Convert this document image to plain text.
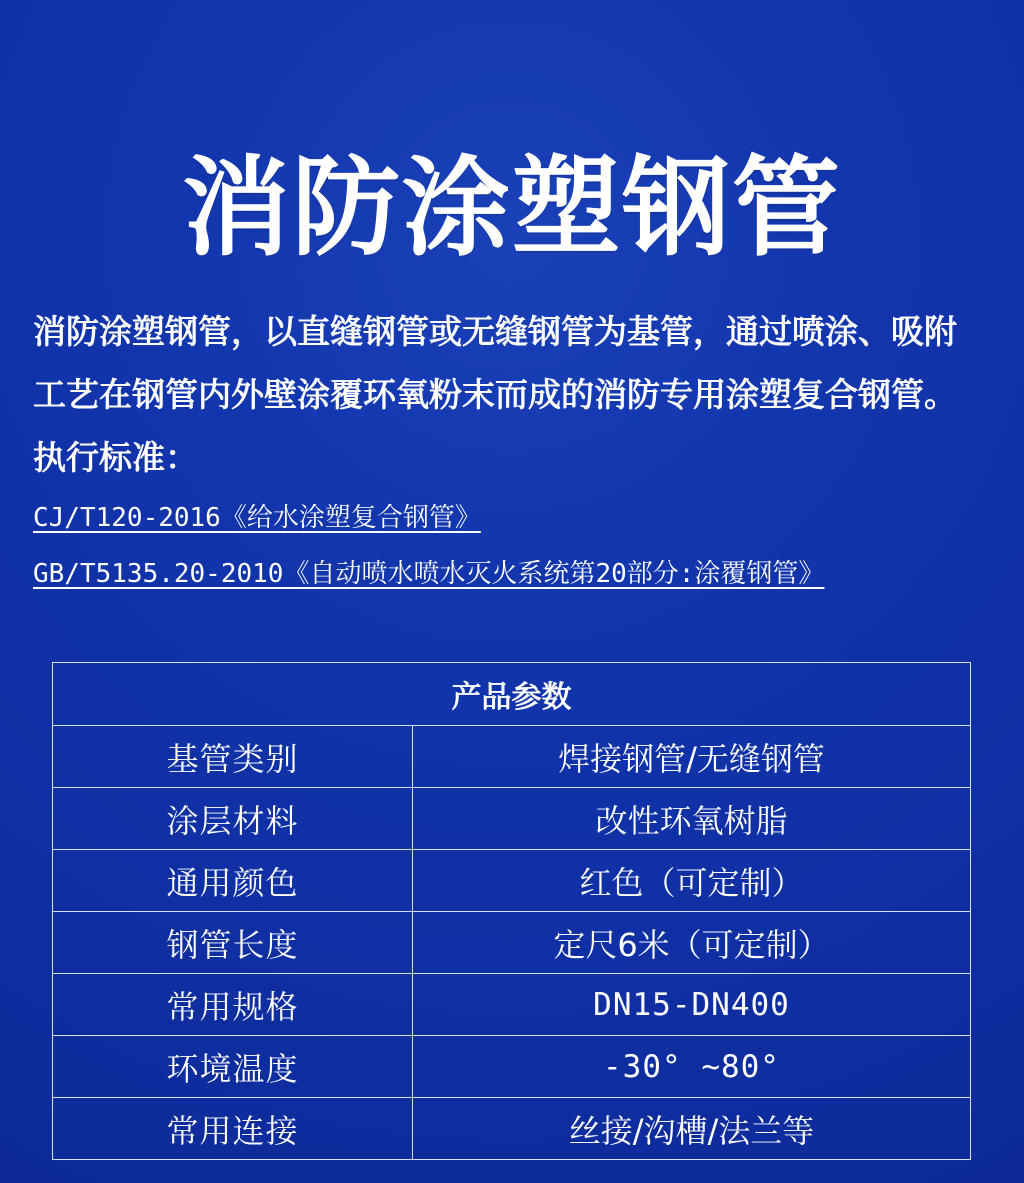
消防涂塑钢管
消防涂塑钢管，以直缝钢管或无缝钢管为基管，通过喷涂、吸附工艺在钢管内外壁涂覆环氧粉末而成的消防专用涂塑复合钢管。执行标准：
CJ/T120-2016《给水涂塑复合钢管》
GB/T5135.20-2010《自动喷水喷水灭火系统第20部分:涂覆钢管》
产品参数	
基管类别	焊接钢管/无缝钢管
涂层材料	改性环氧树脂
通用颜色	红色（可定制）
钢管长度	定尺6米（可定制）
常用规格	DN15-DN400
环境温度	-30° ~80°
常用连接	丝接/沟槽/法兰等
